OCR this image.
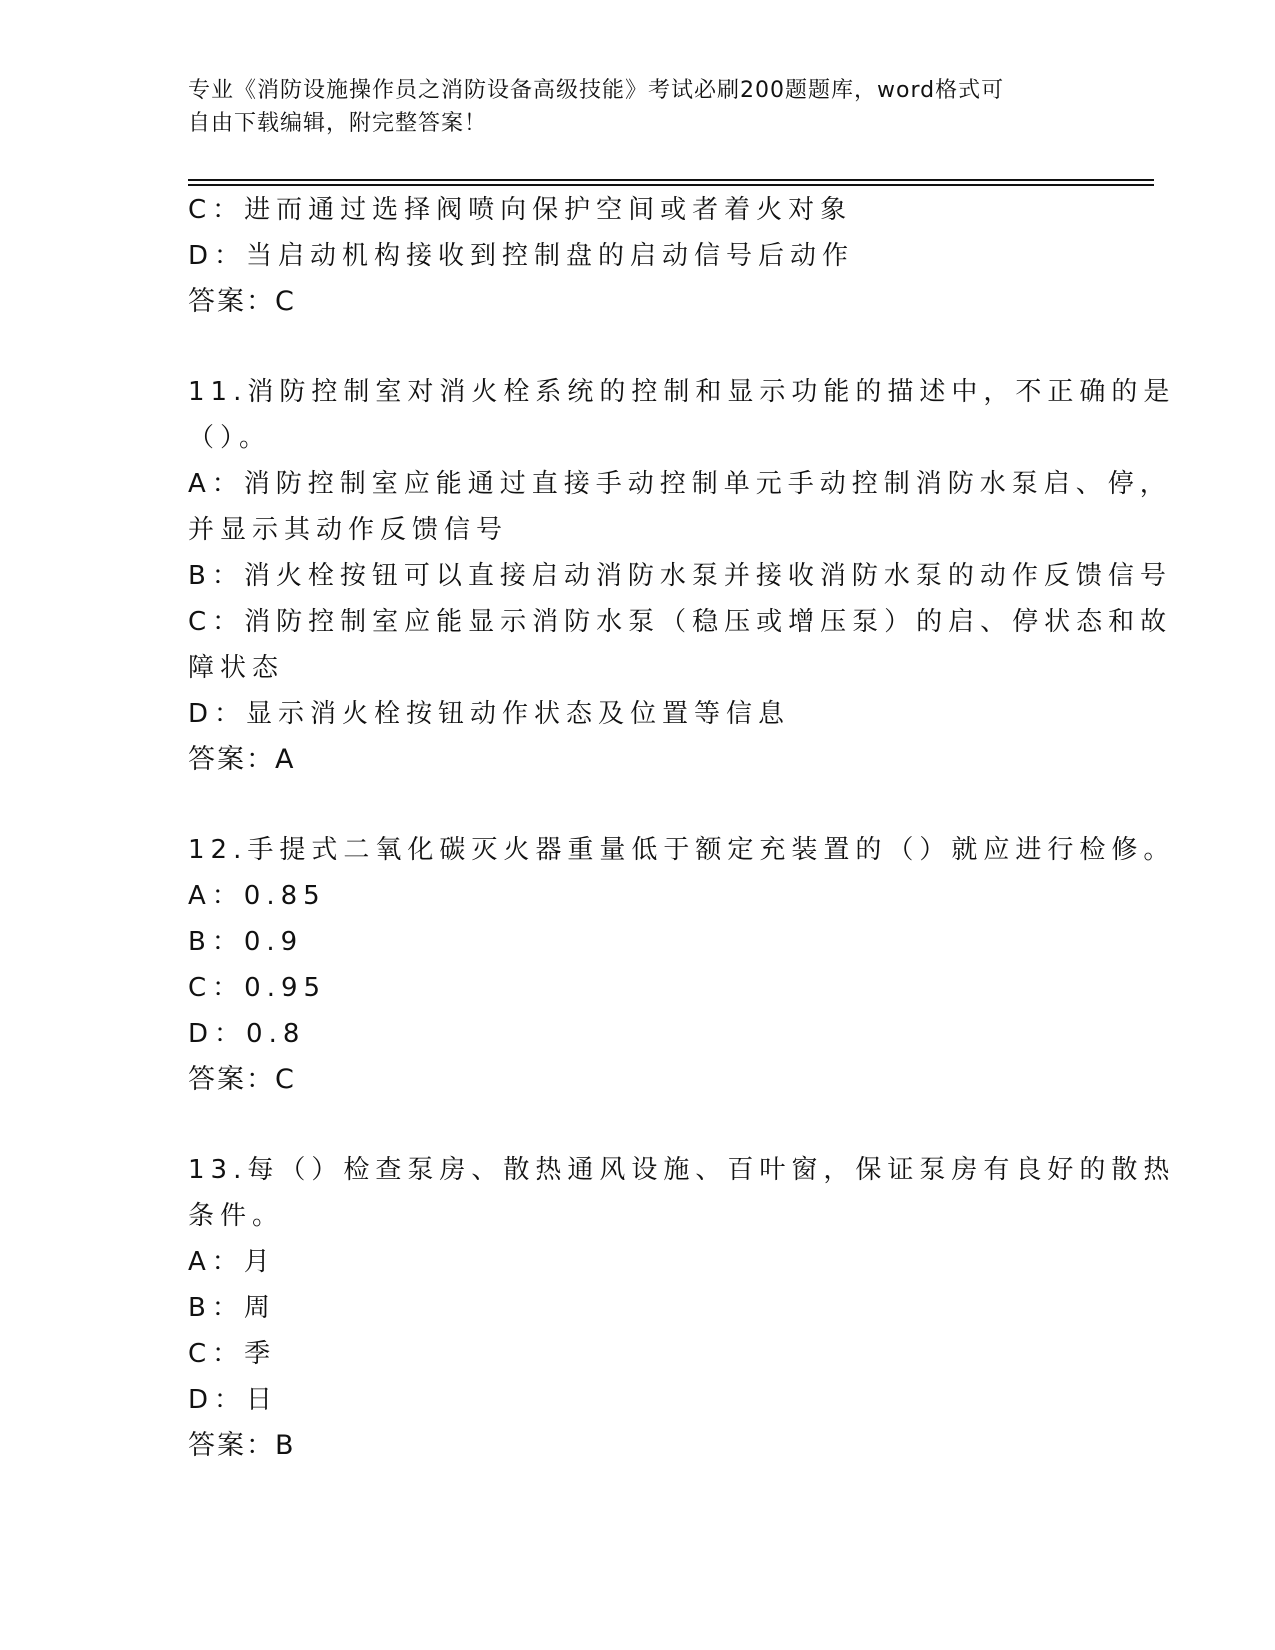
专业《消防设施操作员之消防设备高级技能》考试必刷200题题库，word格式可
自由下载编辑，附完整答案！
C：进而通过选择阀喷向保护空间或者着火对象
D：当启动机构接收到控制盘的启动信号后动作
答案：C
11.消防控制室对消火栓系统的控制和显示功能的描述中，不正确的是
（）。
A：消防控制室应能通过直接手动控制单元手动控制消防水泵启、停，
并显示其动作反馈信号
B：消火栓按钮可以直接启动消防水泵并接收消防水泵的动作反馈信号
C：消防控制室应能显示消防水泵（稳压或增压泵）的启、停状态和故
障状态
D：显示消火栓按钮动作状态及位置等信息
答案：A
12.手提式二氧化碳灭火器重量低于额定充装置的（）就应进行检修。
A：0.85
B：0.9
C：0.95
D：0.8
答案：C
13.每（）检查泵房、散热通风设施、百叶窗，保证泵房有良好的散热
条件。
A：月
B：周
C：季
D：日
答案：B
